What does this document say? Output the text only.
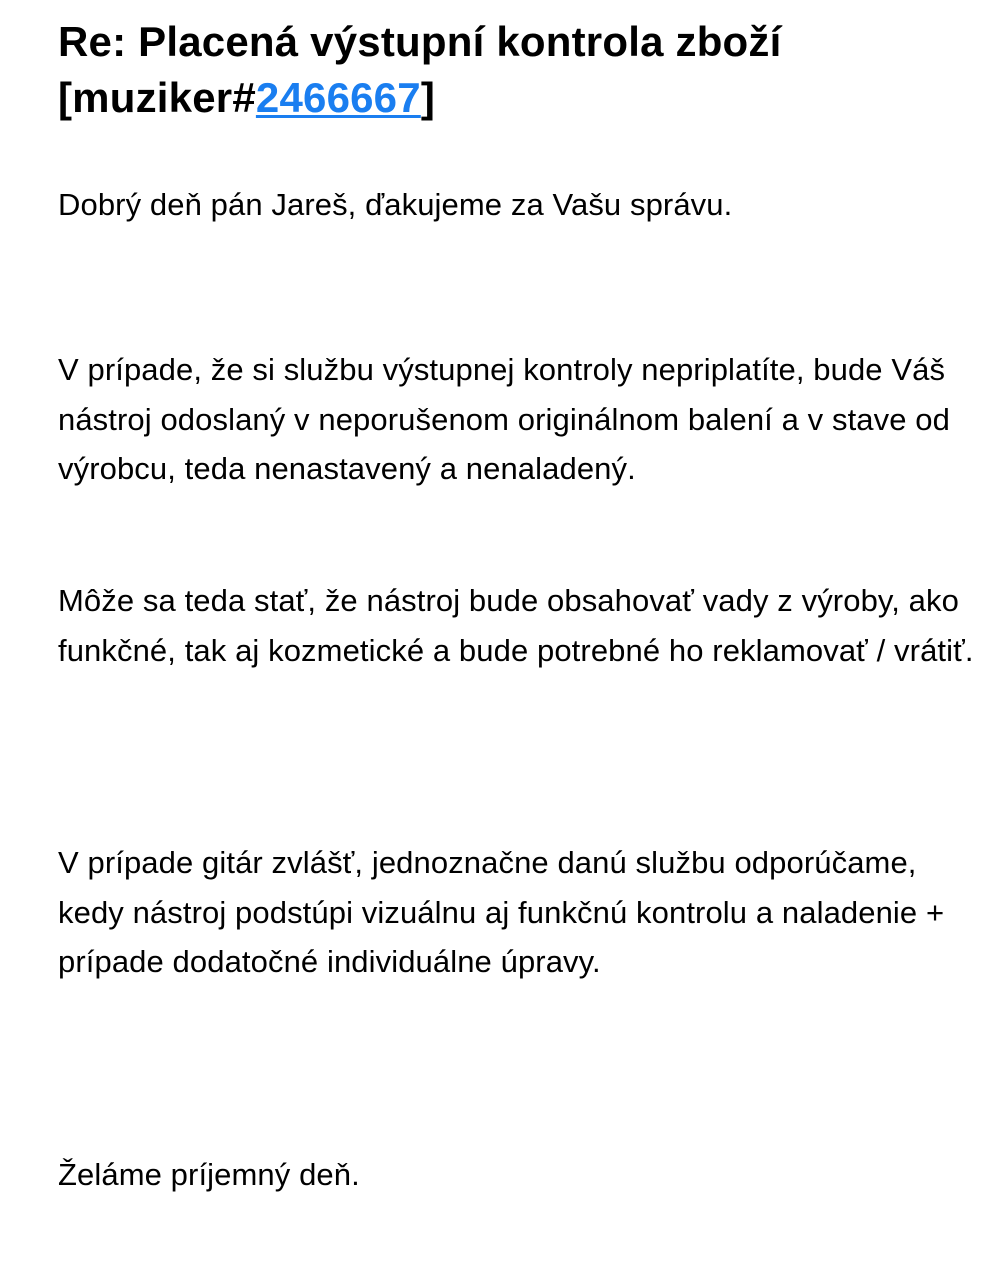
Re: Placená výstupní kontrola zboží [muziker#2466667]

Dobrý deň pán Jareš, ďakujeme za Vašu správu.

V prípade, že si službu výstupnej kontroly nepriplatíte, bude Váš nástroj odoslaný v neporušenom originálnom balení a v stave od výrobcu, teda nenastavený a nenaladený.

Môže sa teda stať, že nástroj bude obsahovať vady z výroby, ako funkčné, tak aj kozmetické a bude potrebné ho reklamovať / vrátiť.

V prípade gitár zvlášť, jednoznačne danú službu odporúčame, kedy nástroj podstúpi vizuálnu aj funkčnú kontrolu a naladenie + prípade dodatočné individuálne úpravy.

Želáme príjemný deň.
